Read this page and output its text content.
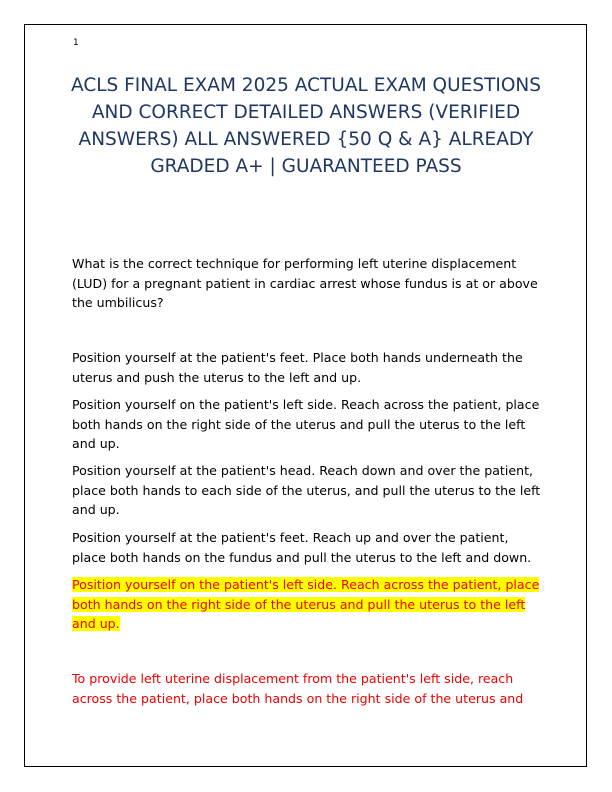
1
ACLS FINAL EXAM 2025 ACTUAL EXAM QUESTIONS AND CORRECT DETAILED ANSWERS (VERIFIED ANSWERS) ALL ANSWERED {50 Q & A} ALREADY GRADED A+ | GUARANTEED PASS

What is the correct technique for performing left uterine displacement (LUD) for a pregnant patient in cardiac arrest whose fundus is at or above the umbilicus?

Position yourself at the patient's feet. Place both hands underneath the uterus and push the uterus to the left and up.

Position yourself on the patient's left side. Reach across the patient, place both hands on the right side of the uterus and pull the uterus to the left and up.

Position yourself at the patient's head. Reach down and over the patient, place both hands to each side of the uterus, and pull the uterus to the left and up.

Position yourself at the patient's feet. Reach up and over the patient, place both hands on the fundus and pull the uterus to the left and down.

Position yourself on the patient's left side. Reach across the patient, place both hands on the right side of the uterus and pull the uterus to the left and up.

To provide left uterine displacement from the patient's left side, reach across the patient, place both hands on the right side of the uterus and
